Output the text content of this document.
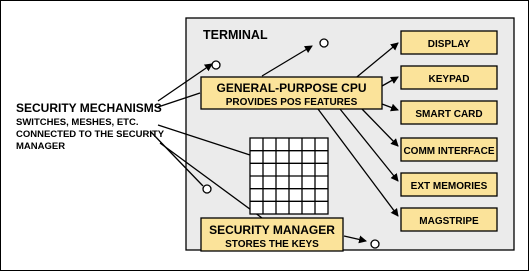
TERMINAL
GENERAL-PURPOSE CPU
PROVIDES POS FEATURES
SECURITY MANAGER
STORES THE KEYS
DISPLAY
KEYPAD
SMART CARD
COMM INTERFACE
EXT MEMORIES
MAGSTRIPE
SECURITY MECHANISMS
SWITCHES, MESHES, ETC.
CONNECTED TO THE SECURITY
MANAGER
